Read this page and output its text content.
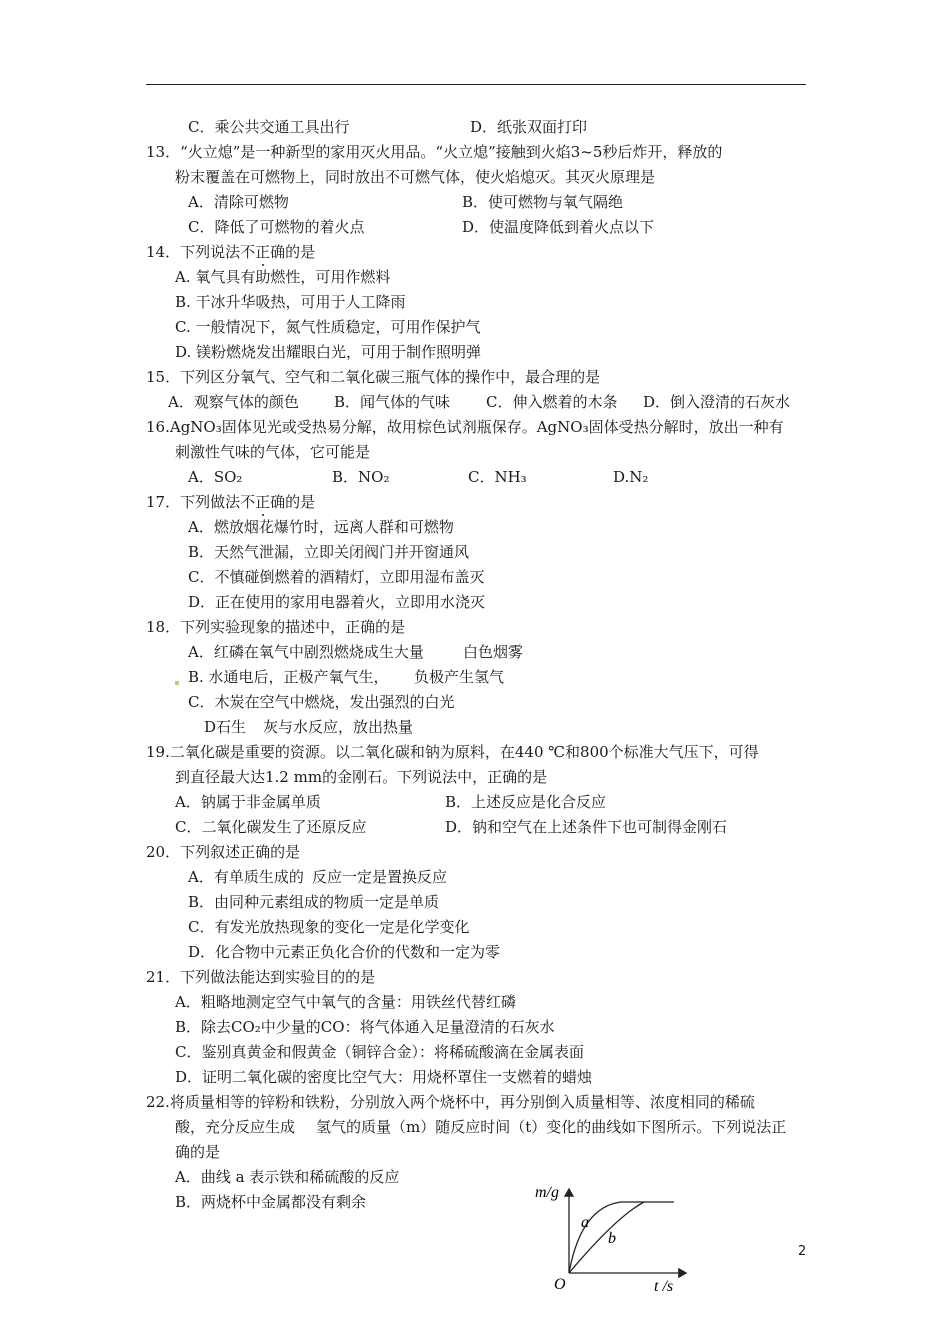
C．乘公共交通工具出行	D．纸张双面打印
13．“火立熄”是一种新型的家用灭火用品。“火立熄”接触到火焰3~5秒后炸开，释放的
粉末覆盖在可燃物上，同时放出不可燃气体，使火焰熄灭。其灭火原理是
A．清除可燃物	B．使可燃物与氧气隔绝
C．降低了可燃物的着火点	D．使温度降低到着火点以下
14．下列说法不正确的是
A. 氧气具有助燃性，可用作燃料
B. 干冰升华吸热，可用于人工降雨
C. 一般情况下，氮气性质稳定，可用作保护气
D. 镁粉燃烧发出耀眼白光，可用于制作照明弹
15．下列区分氧气、空气和二氧化碳三瓶气体的操作中，最合理的是
A．观察气体的颜色 B．闻气体的气味 C．伸入燃着的木条 D．倒入澄清的石灰水
16.AgNO₃固体见光或受热易分解，故用棕色试剂瓶保存。AgNO₃固体受热分解时，放出一种有
刺激性气味的气体，它可能是
A．SO₂	B．NO₂	C．NH₃	D.N₂
17．下列做法不正确的是
A．燃放烟花爆竹时，远离人群和可燃物
B．天然气泄漏，立即关闭阀门并开窗通风
C．不慎碰倒燃着的酒精灯，立即用湿布盖灭
D．正在使用的家用电器着火，立即用水浇灭
18．下列实验现象的描述中，正确的是
A．红磷在氧气中剧烈燃烧成生大量	白色烟雾
B. 水通电后，正极产氧气生， 负极产生氢气
C．木炭在空气中燃烧，发出强烈的白光
D石生 灰与水反应，放出热量
19.二氧化碳是重要的资源。以二氧化碳和钠为原料，在440 ℃和800个标准大气压下，可得
到直径最大达1.2 mm的金刚石。下列说法中，正确的是
A．钠属于非金属单质	B．上述反应是化合反应
C．二氧化碳发生了还原反应	D．钠和空气在上述条件下也可制得金刚石
20．下列叙述正确的是
A．有单质生成的 反应一定是置换反应
B．由同种元素组成的物质一定是单质
C．有发光放热现象的变化一定是化学变化
D．化合物中元素正负化合价的代数和一定为零
21．下列做法能达到实验目的的是
A．粗略地测定空气中氧气的含量：用铁丝代替红磷
B．除去CO₂中少量的CO：将气体通入足量澄清的石灰水
C．鉴别真黄金和假黄金（铜锌合金）：将稀硫酸滴在金属表面
D．证明二氧化碳的密度比空气大：用烧杯罩住一支燃着的蜡烛
22.将质量相等的锌粉和铁粉，分别放入两个烧杯中，再分别倒入质量相等、浓度相同的稀硫
酸，充分反应生成 氢气的质量（m）随反应时间（t）变化的曲线如下图所示。下列说法正
确的是
A．曲线 a 表示铁和稀硫酸的反应
B．两烧杯中金属都没有剩余
m/g
t /s
O
a
b
2
